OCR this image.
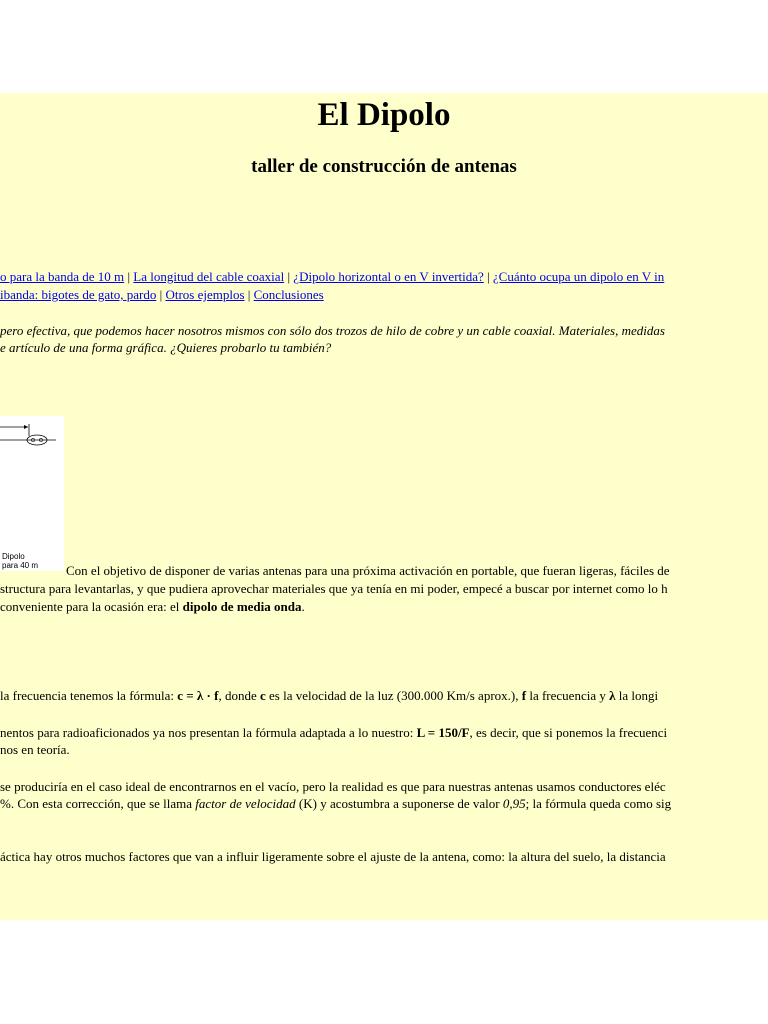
El Dipolo
taller de construcción de antenas
o para la banda de 10 m | La longitud del cable coaxial | ¿Dipolo horizontal o en V invertida? | ¿Cuánto ocupa un dipolo en V in
ibanda: bigotes de gato, pardo | Otros ejemplos | Conclusiones
pero efectiva, que podemos hacer nosotros mismos con sólo dos trozos de hilo de cobre y un cable coaxial. Materiales, medidas
e artículo de una forma gráfica. ¿Quieres probarlo tu también?
Dipolo
para 40 m Con el objetivo de disponer de varias antenas para una próxima activación en portable, que fueran ligeras, fáciles de
structura para levantarlas, y que pudiera aprovechar materiales que ya tenía en mi poder, empecé a buscar por internet como lo h
conveniente para la ocasión era: el dipolo de media onda.
la frecuencia tenemos la fórmula: c = λ · f, donde c es la velocidad de la luz (300.000 Km/s aprox.), f la frecuencia y λ la longi
nentos para radioaficionados ya nos presentan la fórmula adaptada a lo nuestro: L = 150/F, es decir, que si ponemos la frecuenci
nos en teoría.
se produciría en el caso ideal de encontrarnos en el vacío, pero la realidad es que para nuestras antenas usamos conductores eléc
%. Con esta corrección, que se llama factor de velocidad (K) y acostumbra a suponerse de valor 0,95; la fórmula queda como sig
áctica hay otros muchos factores que van a influir ligeramente sobre el ajuste de la antena, como: la altura del suelo, la distancia
